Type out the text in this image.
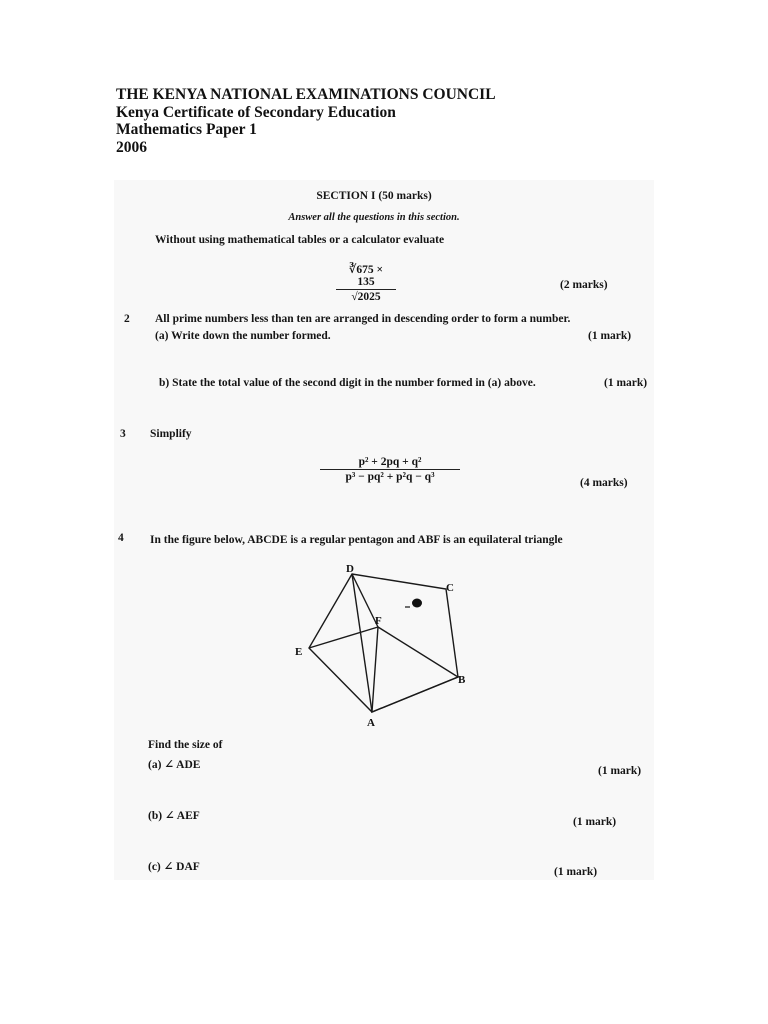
THE KENYA NATIONAL EXAMINATIONS COUNCIL
Kenya Certificate of Secondary Education
Mathematics Paper 1
2006
SECTION I (50 marks)
Answer all the questions in this section.
Without using mathematical tables or a calculator evaluate
$\frac{∛675 \times 135}{√2025}$	(2 marks)
2 All prime numbers less than ten are arranged in descending order to form a number.
(a) Write down the number formed.	(1 mark)
b) State the total value of the second digit in the number formed in (a) above.	(1 mark)
3 Simplify
$\frac{\text{p² + 2pq + q²}}{\text{p³ − pq² + p²q − q³}}$	(4 marks)
4 In the figure below, ABCDE is a regular pentagon and ABF is an equilateral triangle
D
C
F
E
B
A
Find the size of
(a) ∠ ADE	(1 mark)
(b) ∠ AEF	(1 mark)
(c) ∠ DAF	(1 mark)
